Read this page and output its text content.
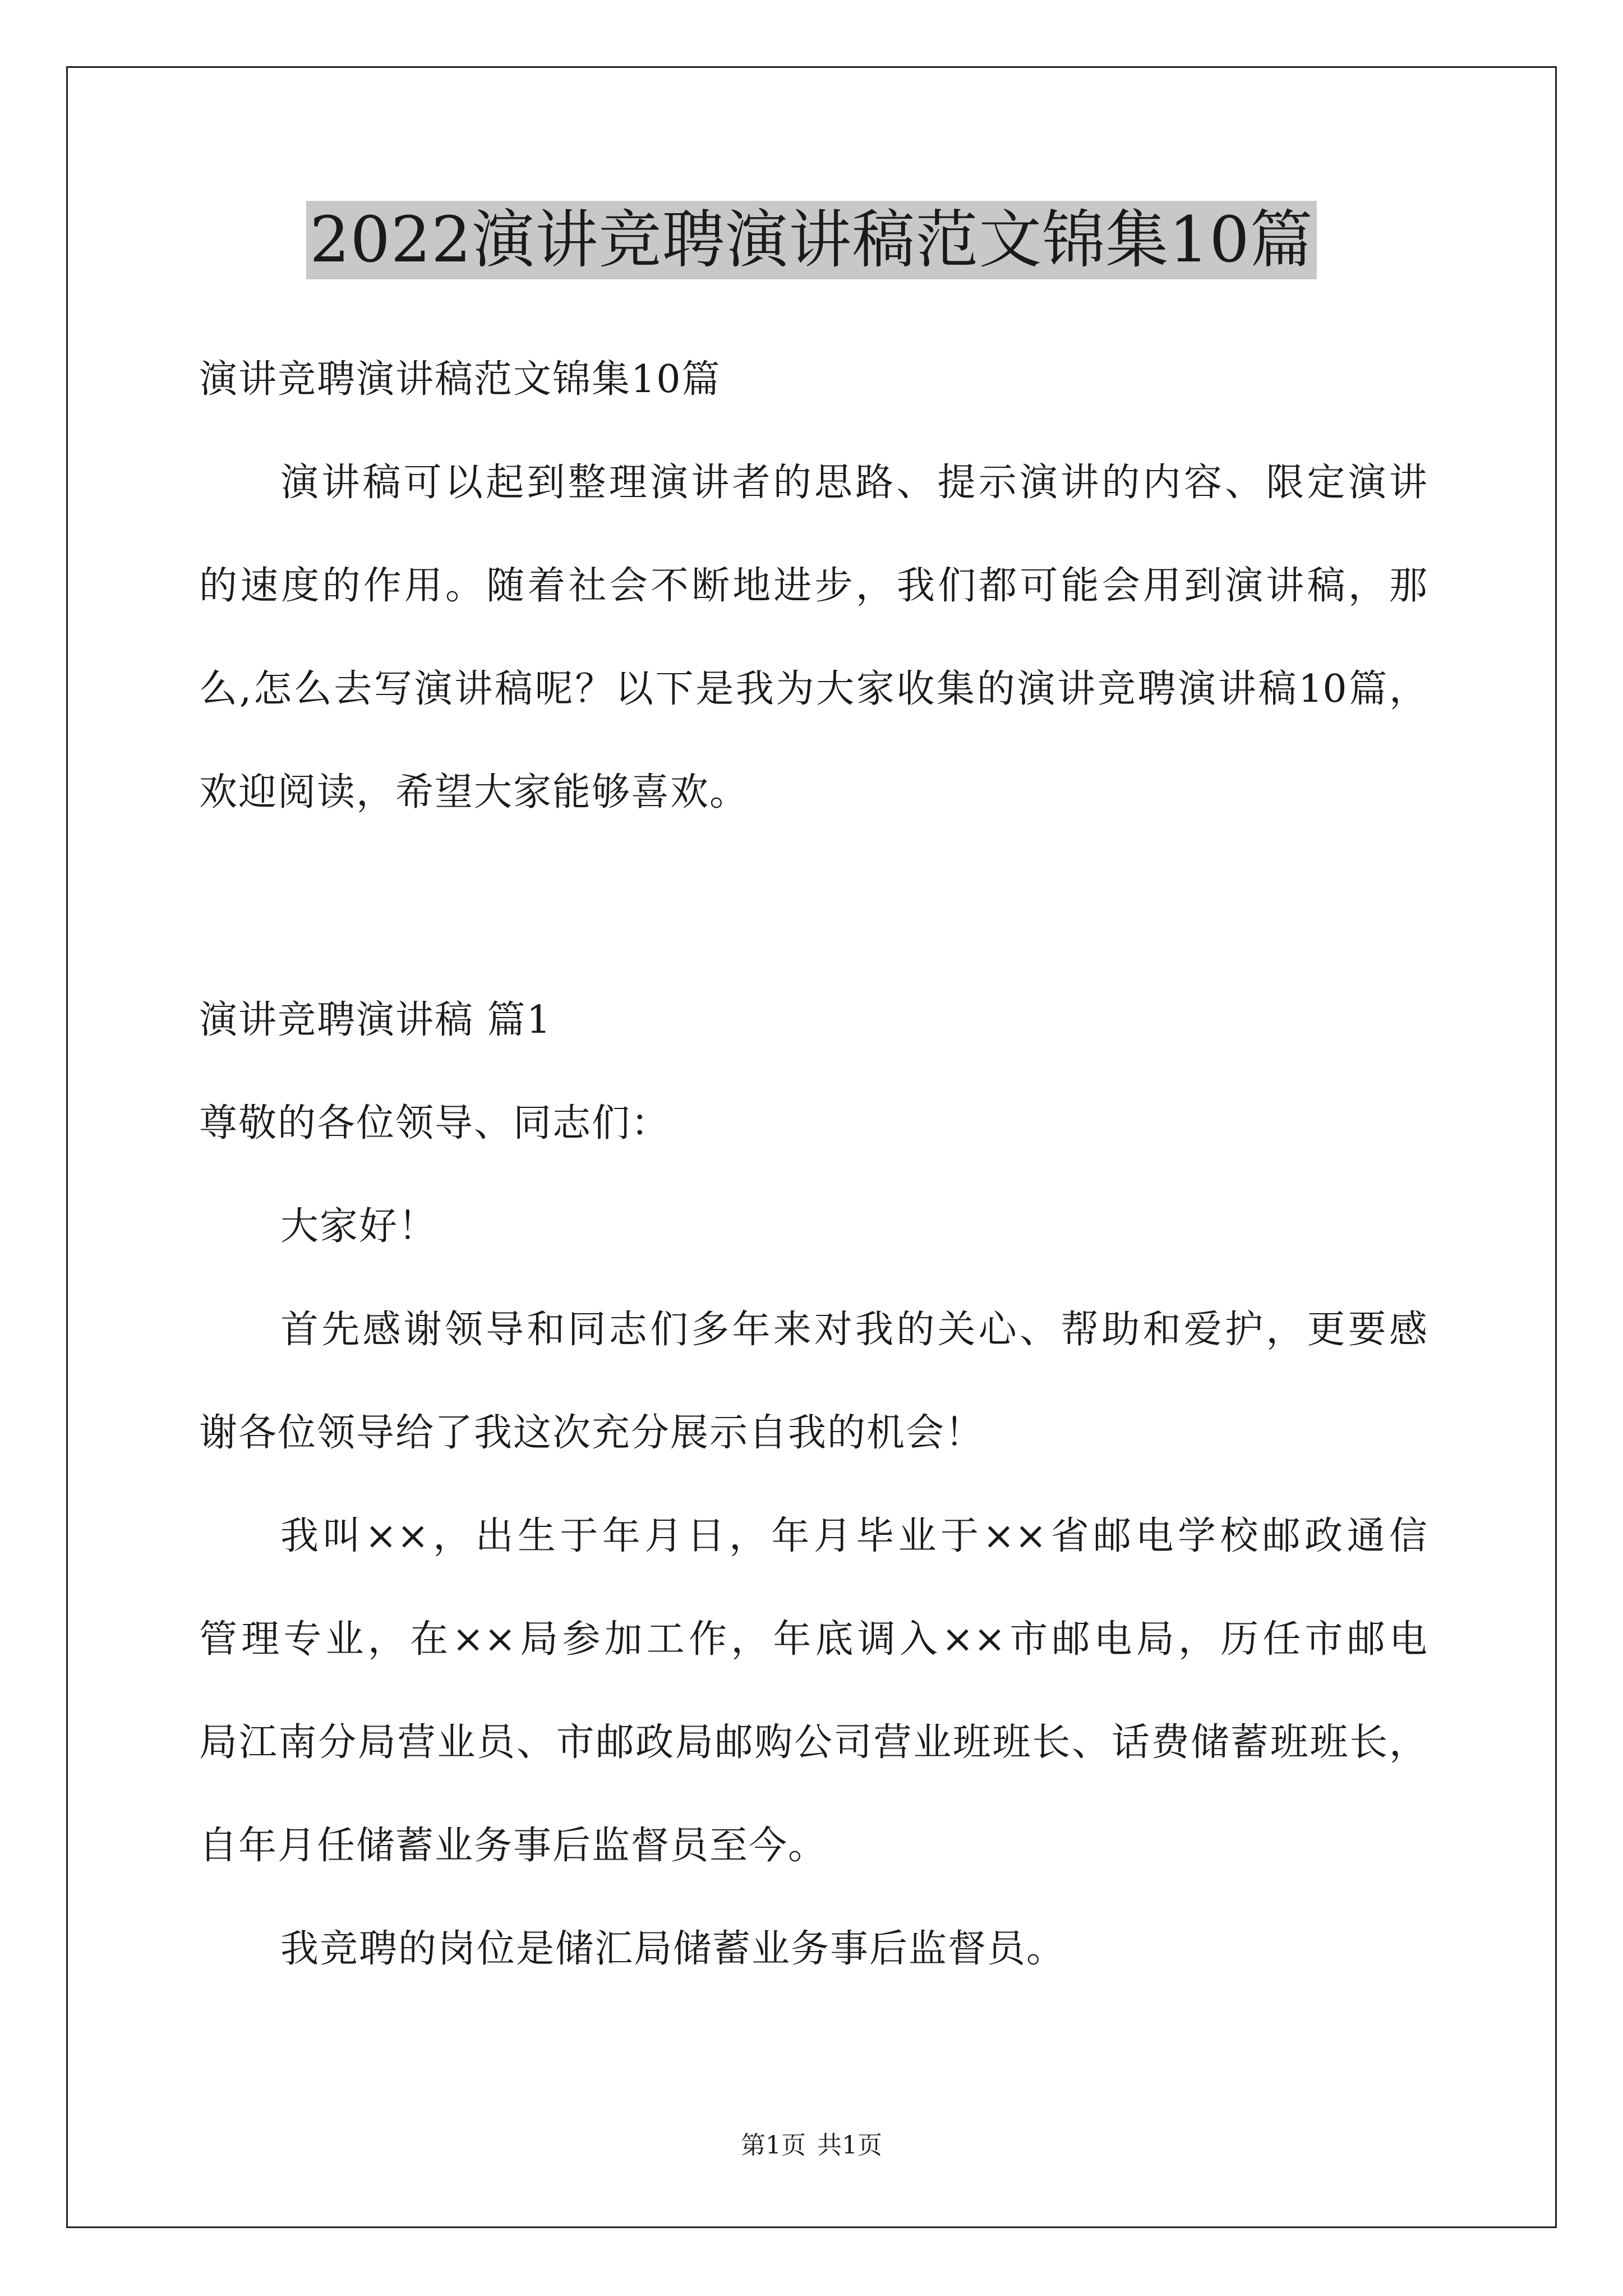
2022演讲竞聘演讲稿范文锦集10篇
演讲竞聘演讲稿范文锦集10篇
演讲稿可以起到整理演讲者的思路、提示演讲的内容、限定演讲
的速度的作用。随着社会不断地进步，我们都可能会用到演讲稿，那
么,怎么去写演讲稿呢？以下是我为大家收集的演讲竞聘演讲稿10篇，
欢迎阅读，希望大家能够喜欢。
演讲竞聘演讲稿 篇1
尊敬的各位领导、同志们：
大家好！
首先感谢领导和同志们多年来对我的关心、帮助和爱护，更要感
谢各位领导给了我这次充分展示自我的机会！
我叫××，出生于年月日，年月毕业于××省邮电学校邮政通信
管理专业，在××局参加工作，年底调入××市邮电局，历任市邮电
局江南分局营业员、市邮政局邮购公司营业班班长、话费储蓄班班长，
自年月任储蓄业务事后监督员至今。
我竞聘的岗位是储汇局储蓄业务事后监督员。
第1页 共1页
